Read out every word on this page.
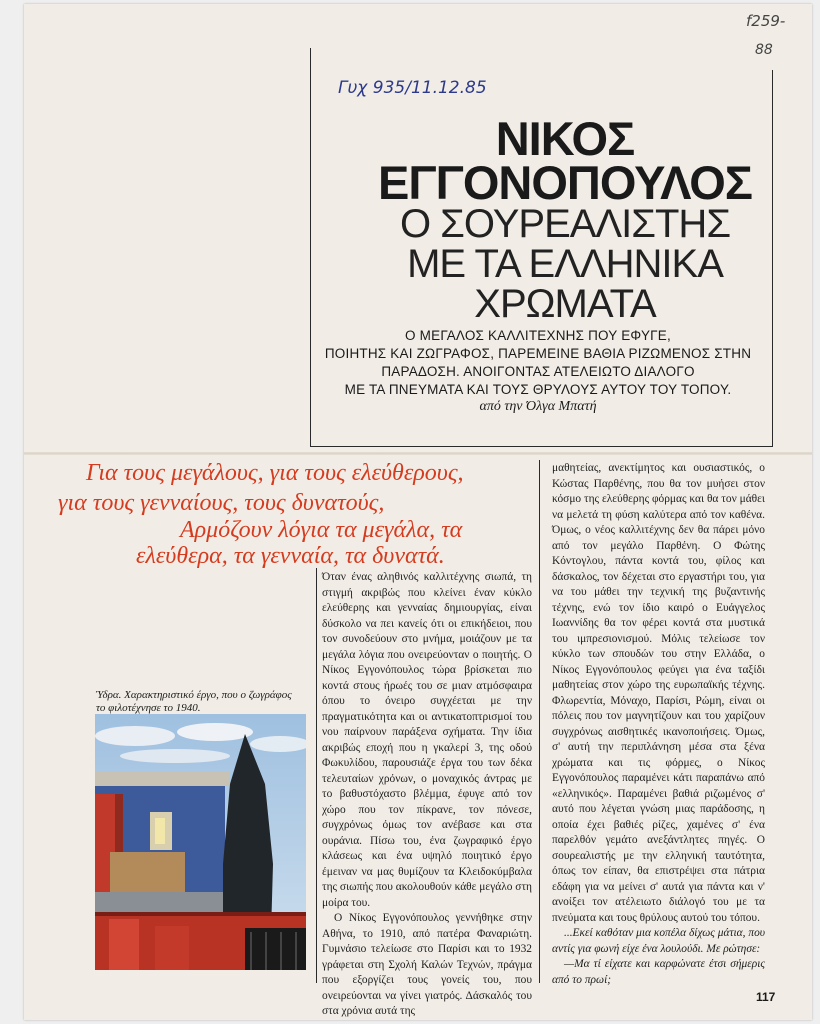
f259-
88
Γυχ 935/11.12.85
ΝΙΚΟΣ
ΕΓΓΟΝΟΠΟΥΛΟΣ
Ο ΣΟΥΡΕΑΛΙΣΤΗΣ
ΜΕ ΤΑ ΕΛΛΗΝΙΚΑ
ΧΡΩΜΑΤΑ
Ο ΜΕΓΑΛΟΣ ΚΑΛΛΙΤΕΧΝΗΣ ΠΟΥ ΕΦΥΓΕ,
ΠΟΙΗΤΗΣ ΚΑΙ ΖΩΓΡΑΦΟΣ, ΠΑΡΕΜΕΙΝΕ ΒΑΘΙΑ ΡΙΖΩΜΕΝΟΣ ΣΤΗΝ
ΠΑΡΑΔΟΣΗ. ΑΝΟΙΓΟΝΤΑΣ ΑΤΕΛΕΙΩΤΟ ΔΙΑΛΟΓΟ
ΜΕ ΤΑ ΠΝΕΥΜΑΤΑ ΚΑΙ ΤΟΥΣ ΘΡΥΛΟΥΣ ΑΥΤΟΥ ΤΟΥ ΤΟΠΟΥ.
από την Όλγα Μπατή
Για τους μεγάλους, για τους ελεύθερους,
για τους γενναίους, τους δυνατούς,
Αρμόζουν λόγια τα μεγάλα, τα
ελεύθερα, τα γενναία, τα δυνατά.
Ύδρα. Χαρακτηριστικό έργο, που ο ζωγράφος
το φιλοτέχνησε το 1940.

Όταν ένας αληθινός καλλιτέχνης σιωπά, τη στιγμή ακριβώς που κλείνει έναν κύκλο ελεύθερης και γενναίας δημιουργίας, είναι δύσκολο να πει κανείς ότι οι επικήδειοι, που τον συνοδεύουν στο μνήμα, μοιάζουν με τα μεγάλα λόγια που ονειρεύονταν ο ποιητής. Ο Νίκος Εγγονόπουλος τώρα βρίσκεται πιο κοντά στους ήρωές του σε μιαν ατμόσφαιρα όπου το όνειρο συγχέεται με την πραγματικότητα και οι αντικατοπτρισμοί του νου παίρνουν παράξενα σχήματα. Την ίδια ακριβώς εποχή που η γκαλερί 3, της οδού Φωκυλίδου, παρουσιάζε έργα του των δέκα τελευταίων χρόνων, ο μοναχικός άντρας με το βαθυστόχαστο βλέμμα, έφυγε από τον χώρο που τον πίκρανε, τον πόνεσε, συγχρόνως όμως τον ανέβασε και στα ουράνια. Πίσω του, ένα ζωγραφικό έργο κλάσεως και ένα υψηλό ποιητικό έργο έμειναν να μας θυμίζουν τα Κλειδοκύμβαλα της σιωπής που ακολουθούν κάθε μεγάλο στη μοίρα του.

Ο Νίκος Εγγονόπουλος γεννήθηκε στην Αθήνα, το 1910, από πατέρα Φαναριώτη. Γυμνάσιο τελείωσε στο Παρίσι και το 1932 γράφεται στη Σχολή Καλών Τεχνών, πράγμα που εξοργίζει τους γονείς του, που ονειρεύονται να γίνει γιατρός. Δάσκαλός του στα χρόνια αυτά της

μαθητείας, ανεκτίμητος και ουσιαστικός, ο Κώστας Παρθένης, που θα τον μυήσει στον κόσμο της ελεύθερης φόρμας και θα τον μάθει να μελετά τη φύση καλύτερα από τον καθένα. Όμως, ο νέος καλλιτέχνης δεν θα πάρει μόνο από τον μεγάλο Παρθένη. Ο Φώτης Κόντογλου, πάντα κοντά του, φίλος και δάσκαλος, τον δέχεται στο εργαστήρι του, για να του μάθει την τεχνική της βυζαντινής τέχνης, ενώ τον ίδιο καιρό ο Ευάγγελος Ιωαννίδης θα τον φέρει κοντά στα μυστικά του ιμπρεσιονισμού. Μόλις τελείωσε τον κύκλο των σπουδών του στην Ελλάδα, ο Νίκος Εγγονόπουλος φεύγει για ένα ταξίδι μαθητείας στον χώρο της ευρωπαϊκής τέχνης. Φλωρεντία, Μόναχο, Παρίσι, Ρώμη, είναι οι πόλεις που τον μαγνητίζουν και του χαρίζουν συγχρόνως αισθητικές ικανοποιήσεις. Όμως, σ' αυτή την περιπλάνηση μέσα στα ξένα χρώματα και τις φόρμες, ο Νίκος Εγγονόπουλος παραμένει κάτι παραπάνω από «ελληνικός». Παραμένει βαθιά ριζωμένος σ' αυτό που λέγεται γνώση μιας παράδοσης, η οποία έχει βαθιές ρίζες, χαμένες σ' ένα παρελθόν γεμάτο ανεξάντλητες πηγές. Ο σουρεαλιστής με την ελληνική ταυτότητα, όπως τον είπαν, θα επιστρέψει στα πάτρια εδάφη για να μείνει σ' αυτά για πάντα και ν' ανοίξει τον ατέλειωτο διάλογό του με τα πνεύματα και τους θρύλους αυτού του τόπου.

...Εκεί καθόταν μια κοπέλα δίχως μάτια, που αντίς για φωνή είχε ένα λουλούδι. Με ρώτησε:

—Μα τί είχατε και καρφώνατε έτσι σήμερις από το πρωί;

117
